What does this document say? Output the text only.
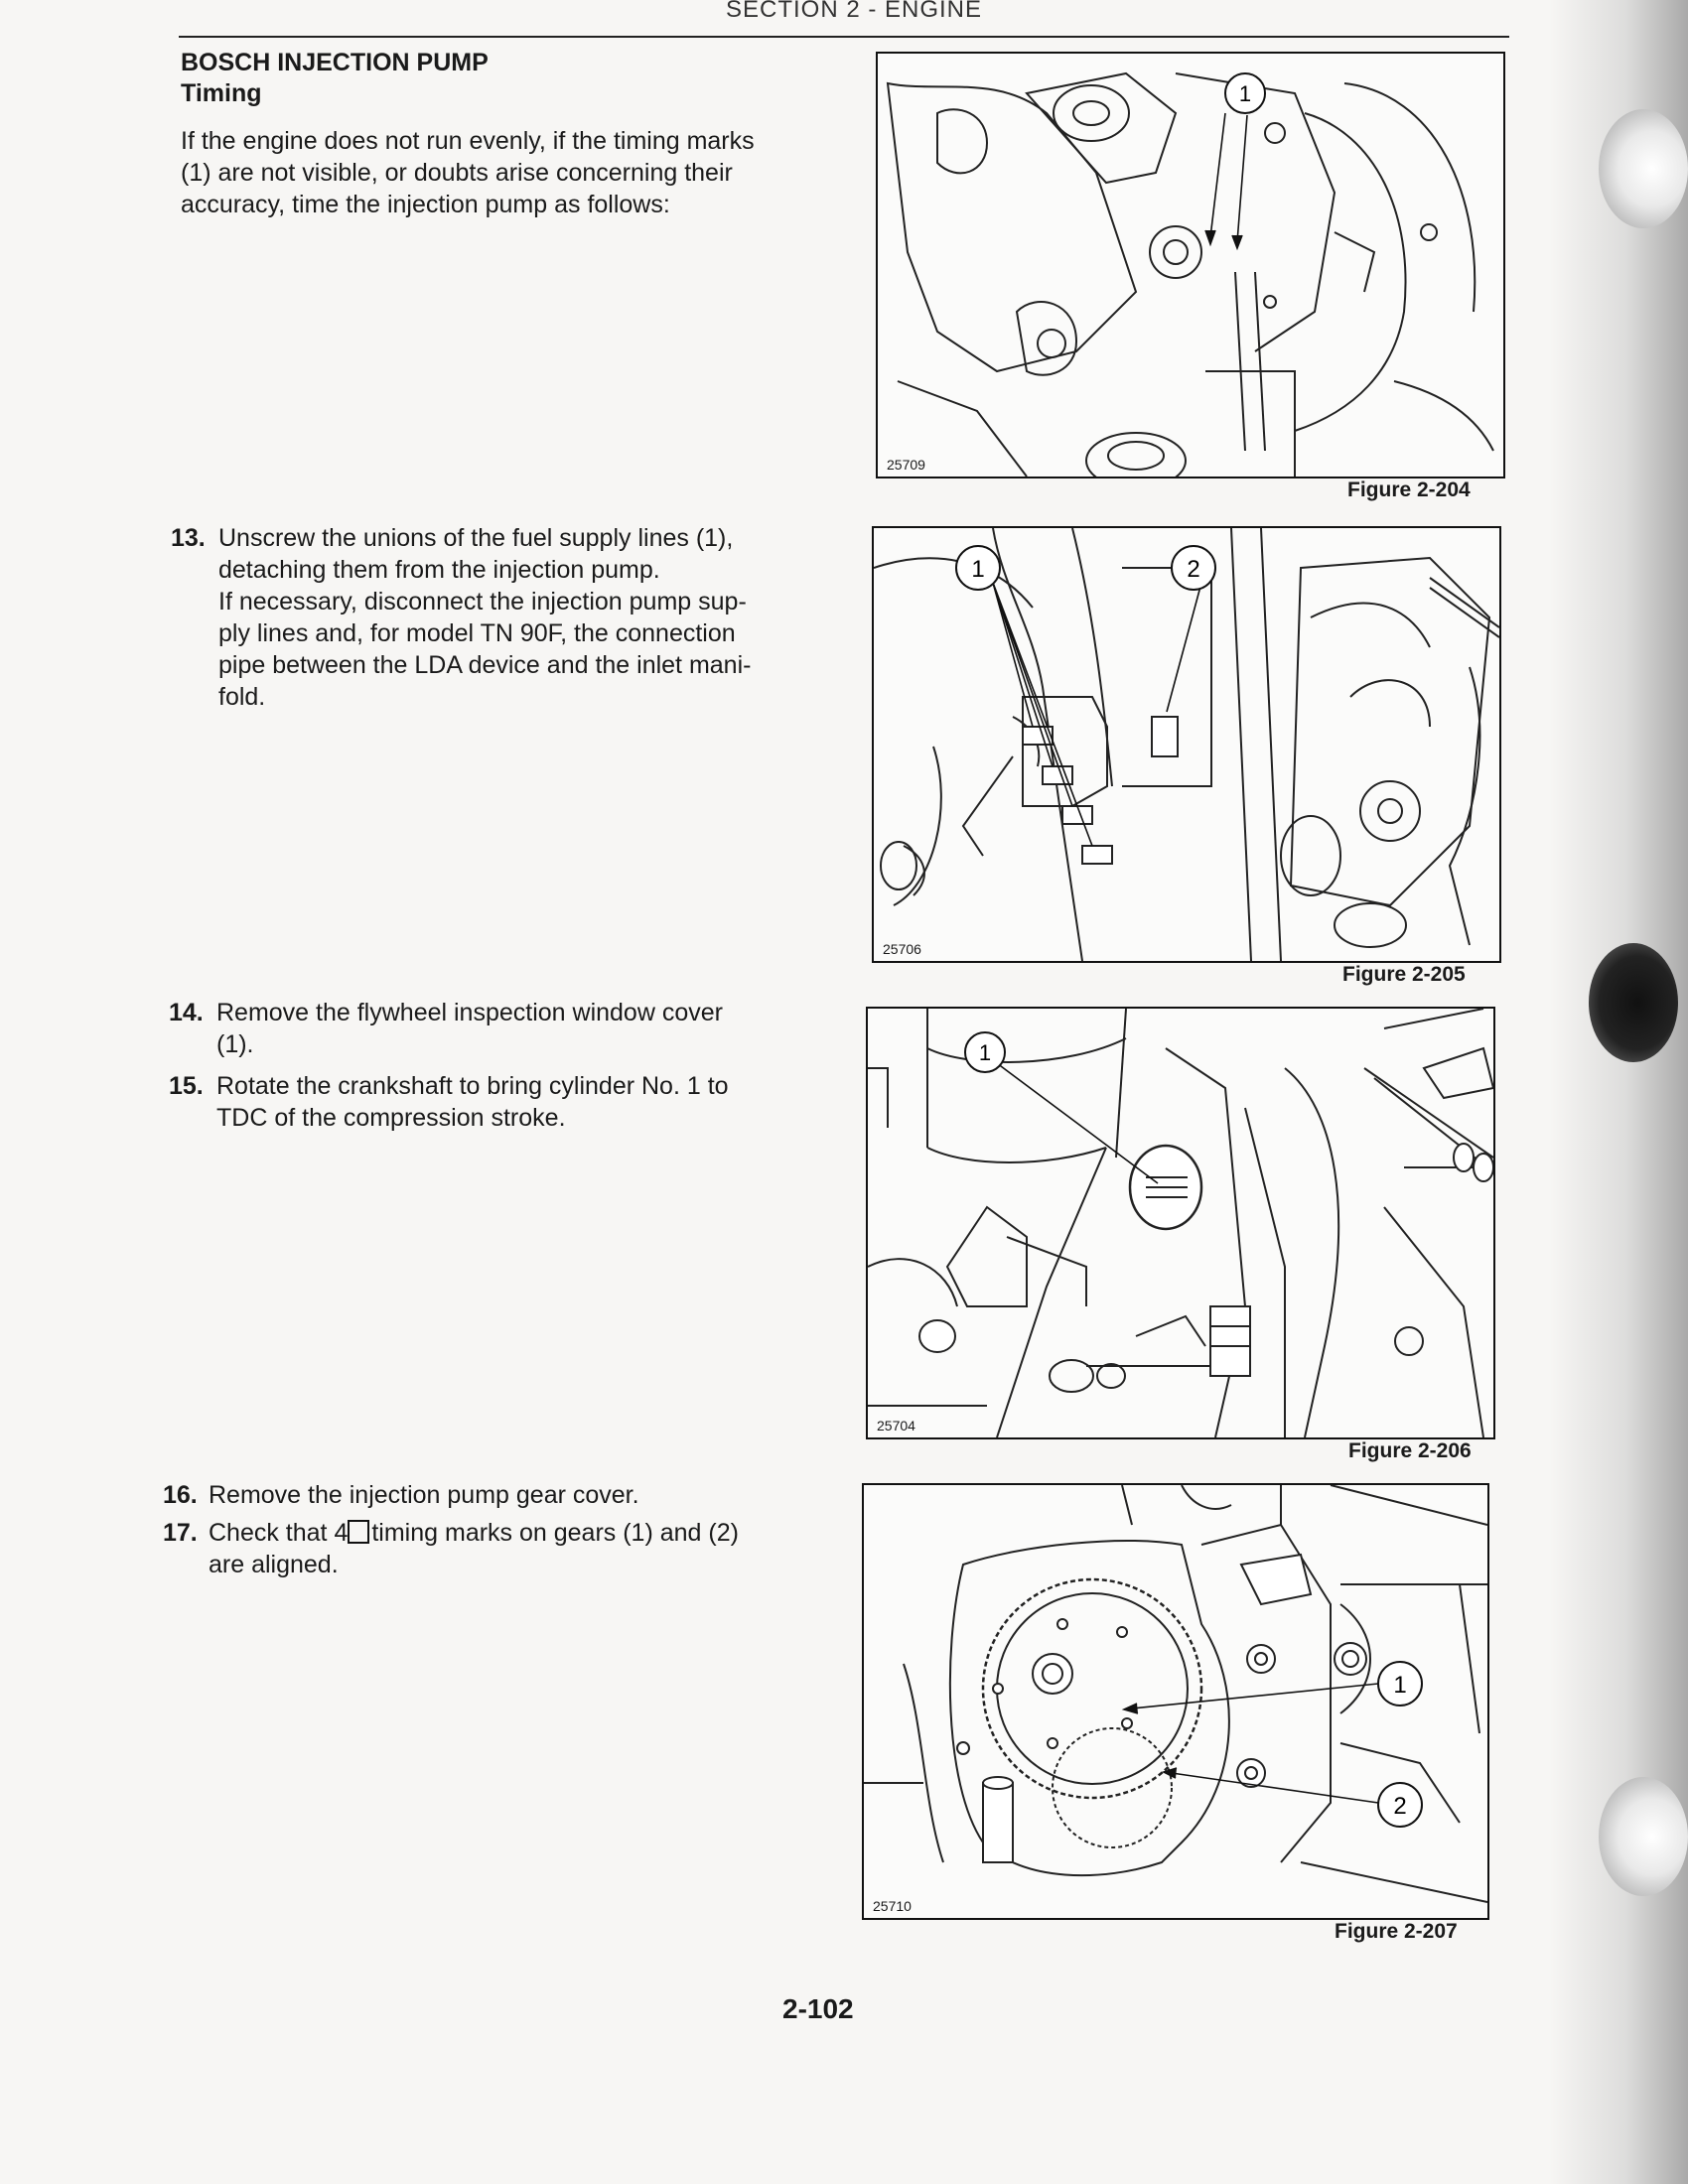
SECTION 2 - ENGINE
BOSCH INJECTION PUMP
Timing
If the engine does not run evenly, if the timing marks
(1) are not visible, or doubts arise concerning their
accuracy, time the injection pump as follows:
13. Unscrew the unions of the fuel supply lines (1),
detaching them from the injection pump.
If necessary, disconnect the injection pump sup-
ply lines and, for model TN 90F, the connection
pipe between the LDA device and the inlet mani-
fold.
14. Remove the flywheel inspection window cover
(1).
15. Rotate the crankshaft to bring cylinder No. 1 to
TDC of the compression stroke.
16. Remove the injection pump gear cover.
17. Check that 4 timing marks on gears (1) and (2)
are aligned.
1
25709
Figure 2-204
1	2
25706
Figure 2-205
1
25704
Figure 2-206
1
2
25710
Figure 2-207
2-102
